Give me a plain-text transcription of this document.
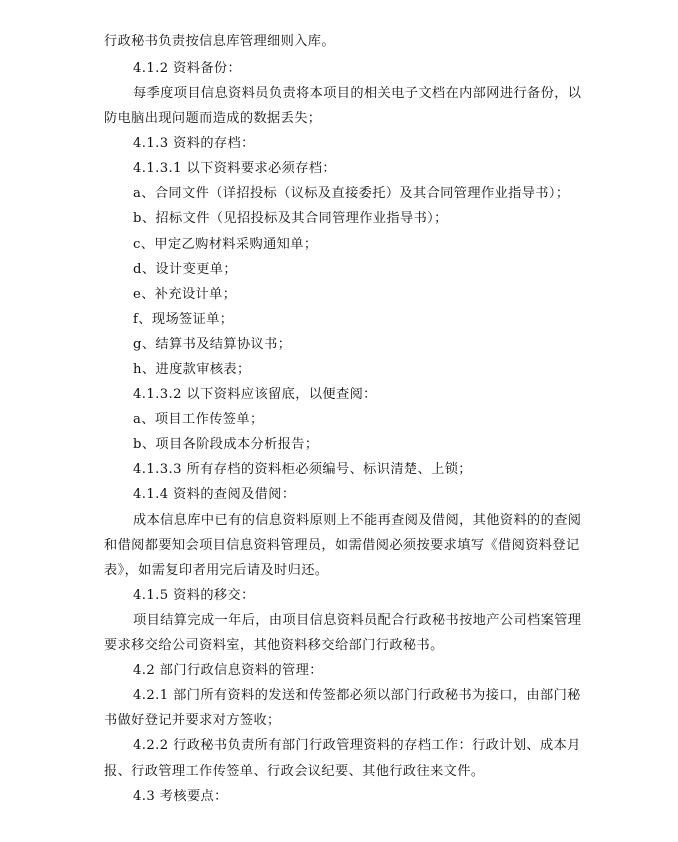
行政秘书负责按信息库管理细则入库。
4.1.2 资料备份：
每季度项目信息资料员负责将本项目的相关电子文档在内部网进行备份，以
防电脑出现问题而造成的数据丢失；
4.1.3 资料的存档：
4.1.3.1 以下资料要求必须存档：
a、合同文件（详招投标（议标及直接委托）及其合同管理作业指导书）；
b、招标文件（见招投标及其合同管理作业指导书）；
c、甲定乙购材料采购通知单；
d、设计变更单；
e、补充设计单；
f、现场签证单；
g、结算书及结算协议书；
h、进度款审核表；
4.1.3.2 以下资料应该留底，以便查阅：
a、项目工作传签单；
b、项目各阶段成本分析报告；
4.1.3.3 所有存档的资料柜必须编号、标识清楚、上锁；
4.1.4 资料的查阅及借阅：
成本信息库中已有的信息资料原则上不能再查阅及借阅，其他资料的的查阅
和借阅都要知会项目信息资料管理员，如需借阅必须按要求填写《借阅资料登记
表》，如需复印者用完后请及时归还。
4.1.5 资料的移交：
项目结算完成一年后，由项目信息资料员配合行政秘书按地产公司档案管理
要求移交给公司资料室，其他资料移交给部门行政秘书。
4.2 部门行政信息资料的管理：
4.2.1 部门所有资料的发送和传签都必须以部门行政秘书为接口，由部门秘
书做好登记并要求对方签收；
4.2.2 行政秘书负责所有部门行政管理资料的存档工作：行政计划、成本月
报、行政管理工作传签单、行政会议纪要、其他行政往来文件。
4.3 考核要点：
